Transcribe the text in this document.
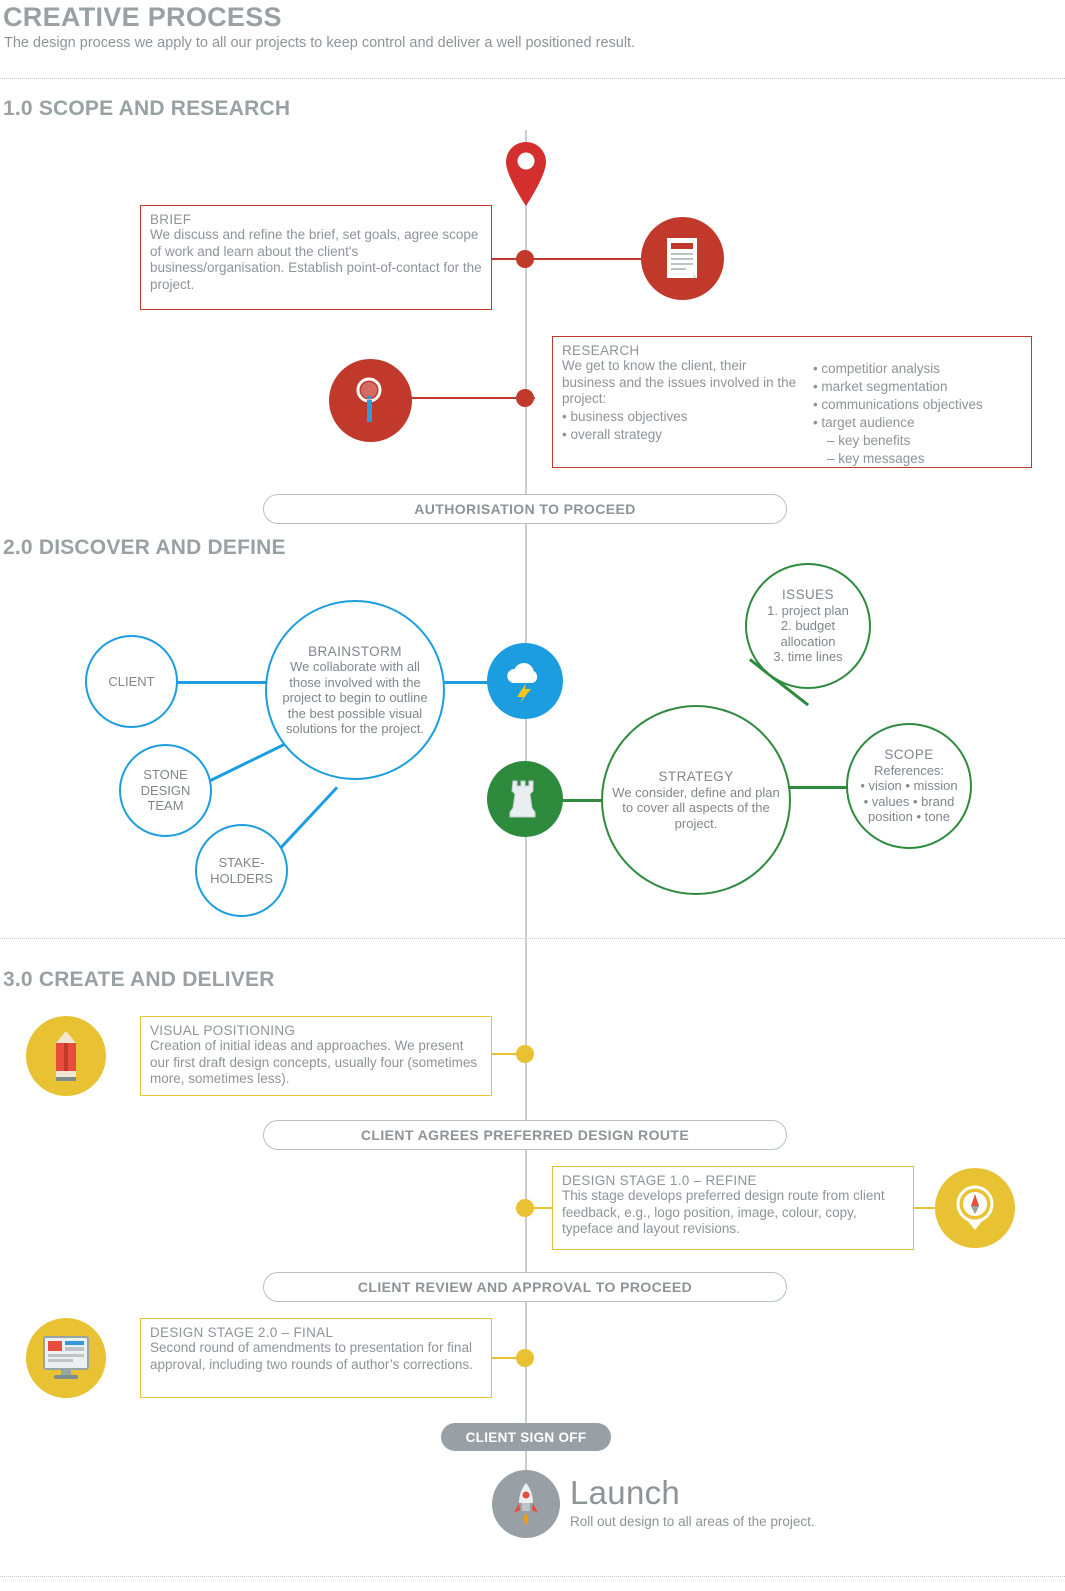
CREATIVE PROCESS
The design process we apply to all our projects to keep control and deliver a well positioned result.
1.0 SCOPE AND RESEARCH
BRIEF
We discuss and refine the brief, set goals, agree scope of work and learn about the client's business/organisation. Establish point-of-contact for the project.
RESEARCH
We get to know the client, their business and the issues involved in the project:
• business objectives
• overall strategy
• competitior analysis
• market segmentation
• communications objectives
• target audience
– key benefits
– key messages
AUTHORISATION TO PROCEED
2.0 DISCOVER AND DEFINE
BRAINSTORM
We collaborate with all those involved with the project to begin to outline the best possible visual solutions for the project.
CLIENT
STONE DESIGN TEAM
STAKE- HOLDERS
STRATEGY
We consider, define and plan to cover all aspects of the project.
ISSUES
1. project plan
2. budget allocation
3. time lines
SCOPE
References:
• vision • mission
• values • brand
position • tone
3.0 CREATE AND DELIVER
VISUAL POSITIONING
Creation of initial ideas and approaches. We present our first draft design concepts, usually four (sometimes more, sometimes less).
CLIENT AGREES PREFERRED DESIGN ROUTE
DESIGN STAGE 1.0 – REFINE
This stage develops preferred design route from client feedback, e.g., logo position, image, colour, copy, typeface and layout revisions.
CLIENT REVIEW AND APPROVAL TO PROCEED
DESIGN STAGE 2.0 – FINAL
Second round of amendments to presentation for final approval, including two rounds of author’s corrections.
CLIENT SIGN OFF
Launch
Roll out design to all areas of the project.
